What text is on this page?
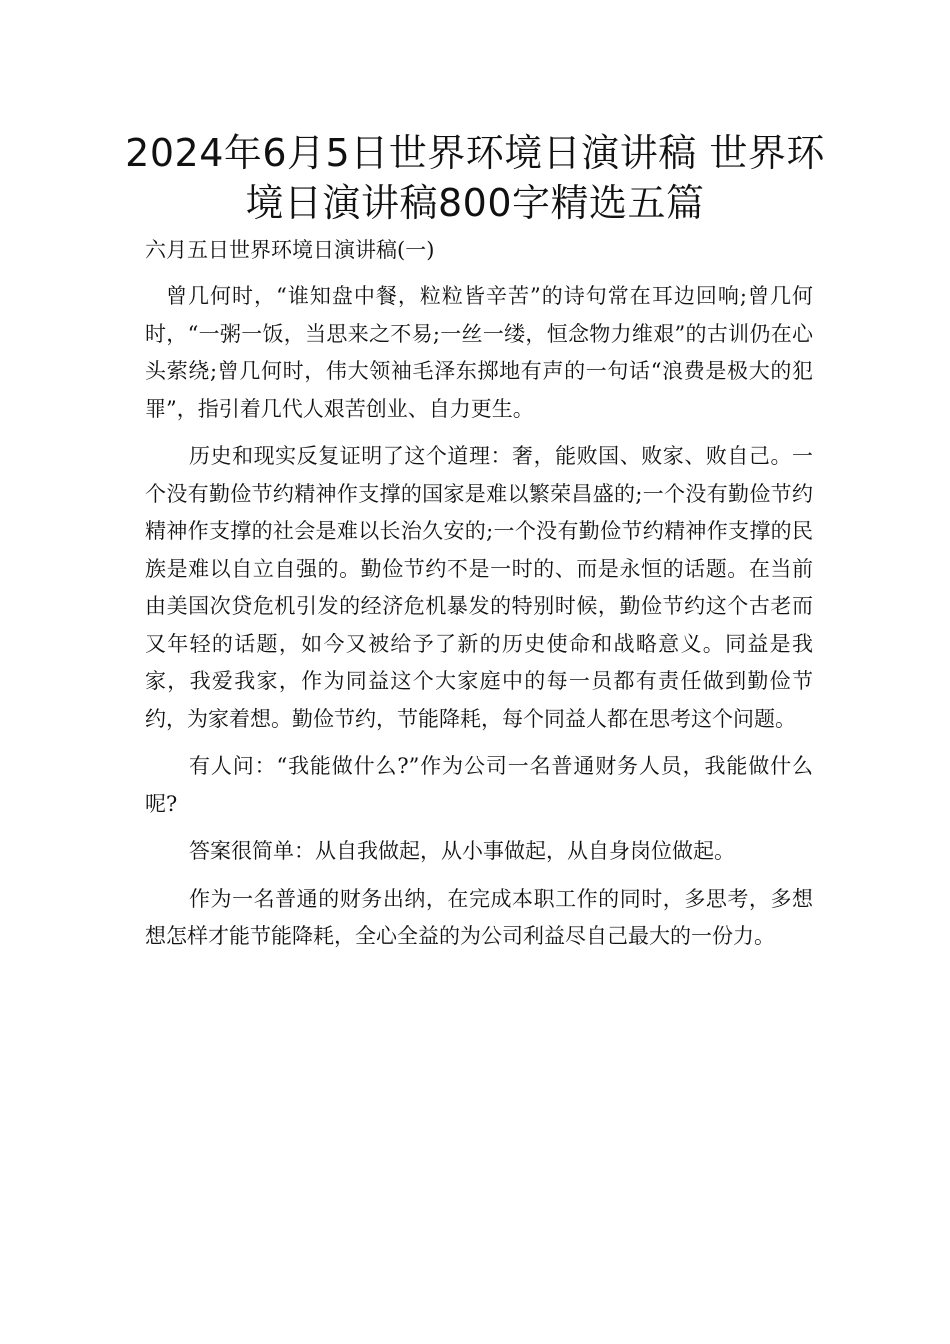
2024年6月5日世界环境日演讲稿 世界环境日演讲稿800字精选五篇
六月五日世界环境日演讲稿(一)

曾几何时，“谁知盘中餐，粒粒皆辛苦”的诗句常在耳边回响;曾几何时，“一粥一饭，当思来之不易;一丝一缕，恒念物力维艰”的古训仍在心头萦绕;曾几何时，伟大领袖毛泽东掷地有声的一句话“浪费是极大的犯罪”，指引着几代人艰苦创业、自力更生。

历史和现实反复证明了这个道理：奢，能败国、败家、败自己。一个没有勤俭节约精神作支撑的国家是难以繁荣昌盛的;一个没有勤俭节约精神作支撑的社会是难以长治久安的;一个没有勤俭节约精神作支撑的民族是难以自立自强的。勤俭节约不是一时的、而是永恒的话题。在当前由美国次贷危机引发的经济危机暴发的特别时候，勤俭节约这个古老而又年轻的话题，如今又被给予了新的历史使命和战略意义。同益是我家，我爱我家，作为同益这个大家庭中的每一员都有责任做到勤俭节约，为家着想。勤俭节约，节能降耗，每个同益人都在思考这个问题。

有人问：“我能做什么?”作为公司一名普通财务人员，我能做什么呢?

答案很简单：从自我做起，从小事做起，从自身岗位做起。

作为一名普通的财务出纳，在完成本职工作的同时，多思考，多想想怎样才能节能降耗，全心全益的为公司利益尽自己最大的一份力。
